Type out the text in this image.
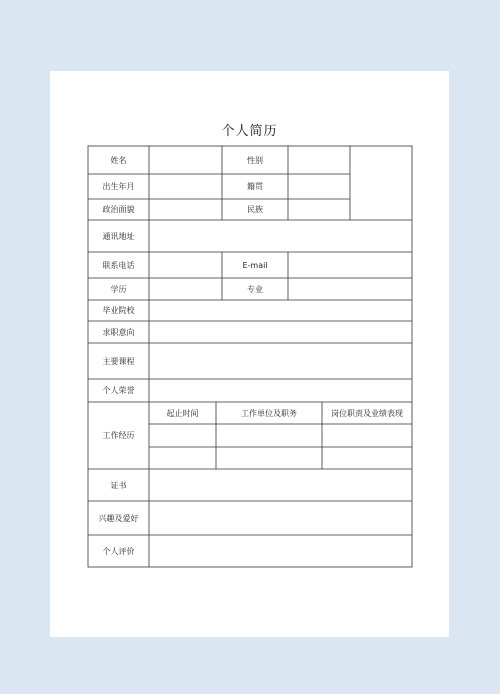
个人简历
姓名	性别
出生年月	籍贯
政治面貌	民族
通讯地址
联系电话	E-mail
学历	专业
毕业院校
求职意向
主要课程
个人荣誉
工作经历
起止时间	工作单位及职务	岗位职责及业绩表现
证书
兴趣及爱好
个人评价
